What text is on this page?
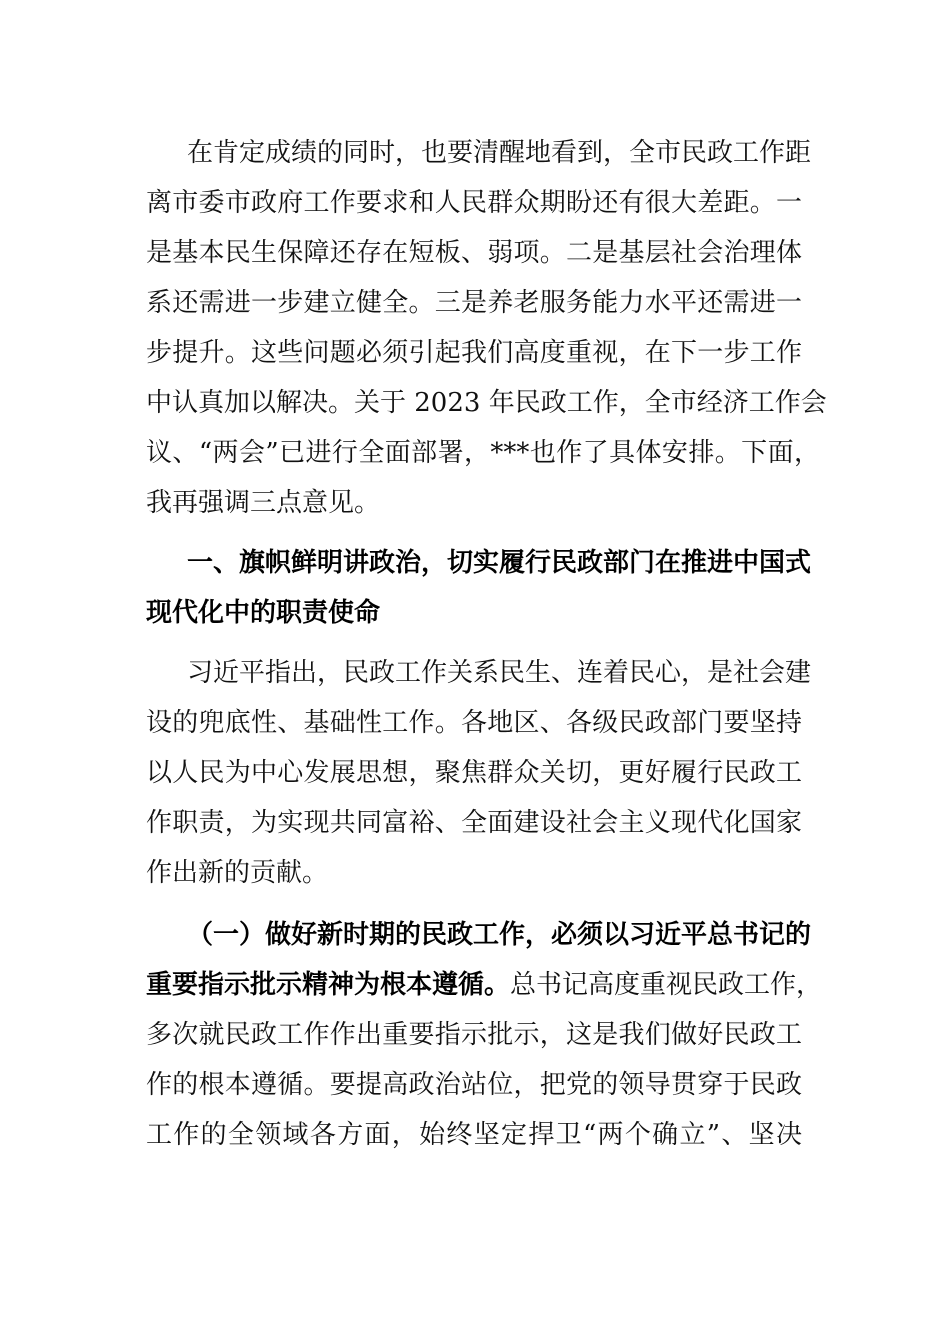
在肯定成绩的同时，也要清醒地看到，全市民政工作距
离市委市政府工作要求和人民群众期盼还有很大差距。一
是基本民生保障还存在短板、弱项。二是基层社会治理体
系还需进一步建立健全。三是养老服务能力水平还需进一
步提升。这些问题必须引起我们高度重视，在下一步工作
中认真加以解决。关于 2023 年民政工作，全市经济工作会
议、“两会”已进行全面部署，***也作了具体安排。下面，
我再强调三点意见。
一、旗帜鲜明讲政治，切实履行民政部门在推进中国式
现代化中的职责使命
习近平指出，民政工作关系民生、连着民心，是社会建
设的兜底性、基础性工作。各地区、各级民政部门要坚持
以人民为中心发展思想，聚焦群众关切，更好履行民政工
作职责，为实现共同富裕、全面建设社会主义现代化国家
作出新的贡献。
（一）做好新时期的民政工作，必须以习近平总书记的
重要指示批示精神为根本遵循。 总书记高度重视民政工作，
多次就民政工作作出重要指示批示，这是我们做好民政工
作的根本遵循。要提高政治站位，把党的领导贯穿于民政
工作的全领域各方面，始终坚定捍卫“两个确立”、坚决
